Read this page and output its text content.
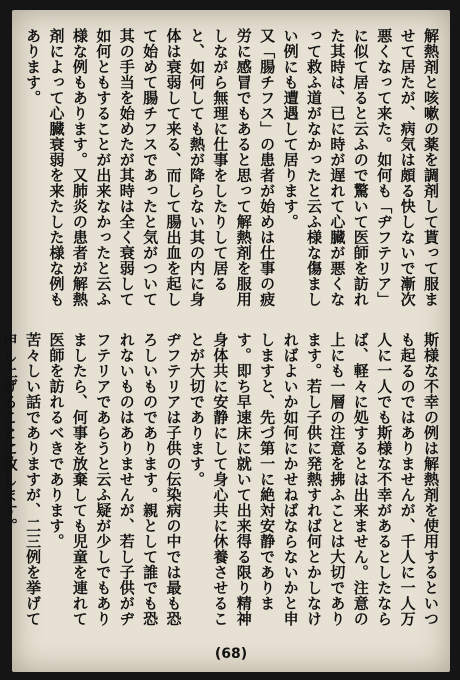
解熱剤と咳嗽の薬を調剤して貰って服ませて居たが、病気は頗る快しないで漸次悪くなって来た。如何も「ヂフテリア」に似て居ると云ふので驚いて医師を訪れた其時は、已に時が遅れて心臓が悪くなって救ふ道がなかったと云ふ様な傷ましい例にも遭遇して居ります。

又「腸チフス」の患者が始めは仕事の疲労に感冒でもあると思って解熱剤を服用しながら無理に仕事をしたりして居ると、如何しても熱が降らない其の内に身体は衰弱して来る、而して腸出血を起して始めて腸チフスであったと気がついて其の手当を始めたが其時は全く衰弱して如何ともすることが出来なかったと云ふ様な例もあります。又肺炎の患者が解熱剤によって心臓衰弱を来たした様な例もあります。

斯様な不幸の例は解熱剤を使用するといつも起るのではありませんが、千人に一人万人に一人でも斯様な不幸があるとしたならば、軽々に処するとは出来ません。注意の上にも一層の注意を拂ふことは大切であります。若し子供に発熱すれば何とかしなければよいか如何にかせねばならないかと申しますと、先づ第一に絶対安静であります。即ち早速床に就いて出来得る限り精神身体共に安静にして身心共に休養させることが大切であります。

ヂフテリアは子供の伝染病の中では最も恐ろしいものであります。親として誰でも恐れないものはありませんが、若し子供がヂフテリアであらうと云ふ疑が少しでもありましたら、何事を放棄しても児童を連れて医師を訪れるべきであります。

苦々しい話でありますが、二三例を挙げて申し上げることに致します。

(68)
